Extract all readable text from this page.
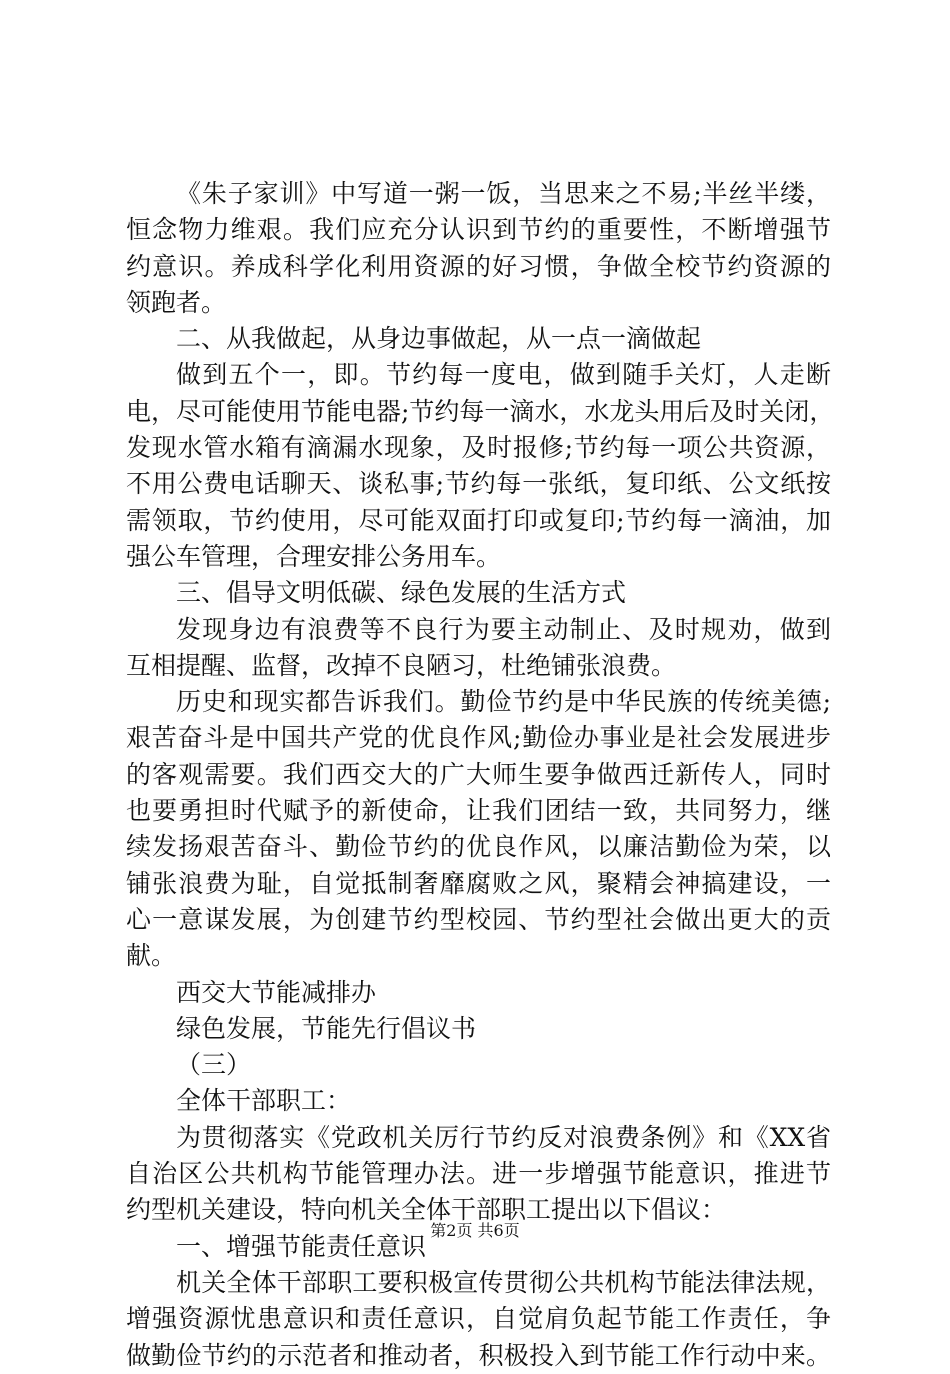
《朱子家训》中写道一粥一饭，当思来之不易;半丝半缕，
恒念物力维艰。我们应充分认识到节约的重要性，不断增强节
约意识。养成科学化利用资源的好习惯，争做全校节约资源的
领跑者。
二、从我做起，从身边事做起，从一点一滴做起
做到五个一，即。节约每一度电，做到随手关灯，人走断
电，尽可能使用节能电器;节约每一滴水，水龙头用后及时关闭，
发现水管水箱有滴漏水现象，及时报修;节约每一项公共资源，
不用公费电话聊天、谈私事;节约每一张纸，复印纸、公文纸按
需领取，节约使用，尽可能双面打印或复印;节约每一滴油，加
强公车管理，合理安排公务用车。
三、倡导文明低碳、绿色发展的生活方式
发现身边有浪费等不良行为要主动制止、及时规劝，做到
互相提醒、监督，改掉不良陋习，杜绝铺张浪费。
历史和现实都告诉我们。勤俭节约是中华民族的传统美德;
艰苦奋斗是中国共产党的优良作风;勤俭办事业是社会发展进步
的客观需要。我们西交大的广大师生要争做西迁新传人，同时
也要勇担时代赋予的新使命，让我们团结一致，共同努力，继
续发扬艰苦奋斗、勤俭节约的优良作风，以廉洁勤俭为荣，以
铺张浪费为耻，自觉抵制奢靡腐败之风，聚精会神搞建设，一
心一意谋发展，为创建节约型校园、节约型社会做出更大的贡
献。
西交大节能减排办
绿色发展，节能先行倡议书
（三）
全体干部职工：
为贯彻落实《党政机关厉行节约反对浪费条例》和《XX省
自治区公共机构节能管理办法。进一步增强节能意识，推进节
约型机关建设，特向机关全体干部职工提出以下倡议：
一、增强节能责任意识
机关全体干部职工要积极宣传贯彻公共机构节能法律法规，
增强资源忧患意识和责任意识，自觉肩负起节能工作责任，争
做勤俭节约的示范者和推动者，积极投入到节能工作行动中来。
第2页 共6页
